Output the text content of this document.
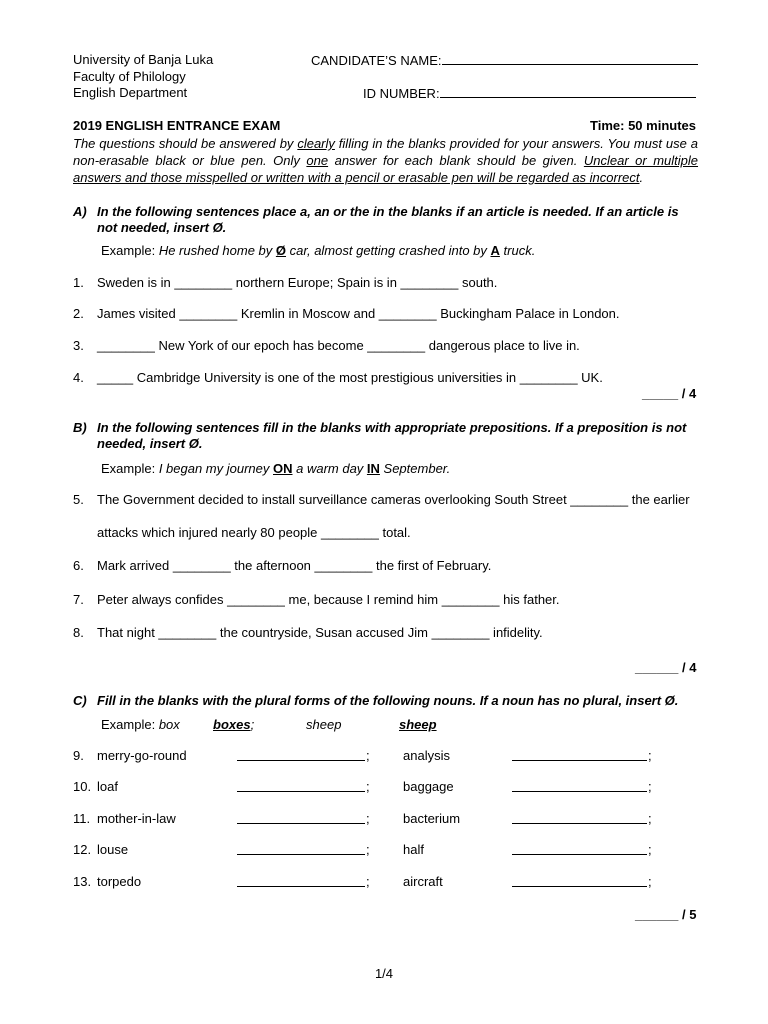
University of Banja Luka
Faculty of Philology
English Department
CANDIDATE’S NAME:
ID NUMBER:
2019 ENGLISH ENTRANCE EXAM	Time: 50 minutes
The questions should be answered by clearly filling in the blanks provided for your answers. You must use a non-erasable black or blue pen. Only one answer for each blank should be given. Unclear or multiple answers and those misspelled or written with a pencil or erasable pen will be regarded as incorrect.
A) In the following sentences place a, an or the in the blanks if an article is needed. If an article is not needed, insert Ø.
Example: He rushed home by Ø car, almost getting crashed into by A truck.
1. Sweden is in ________ northern Europe; Spain is in ________ south.
2. James visited ________ Kremlin in Moscow and ________ Buckingham Palace in London.
3. ________ New York of our epoch has become ________ dangerous place to live in.
4. _____ Cambridge University is one of the most prestigious universities in ________ UK.
_____ / 4
B) In the following sentences fill in the blanks with appropriate prepositions. If a preposition is not needed, insert Ø.
Example: I began my journey ON a warm day IN September.
5. The Government decided to install surveillance cameras overlooking South Street ________ the earlier
attacks which injured nearly 80 people ________ total.
6. Mark arrived ________ the afternoon ________ the first of February.
7. Peter always confides ________ me, because I remind him ________ his father.
8. That night ________ the countryside, Susan accused Jim ________ infidelity.
______ / 4
C) Fill in the blanks with the plural forms of the following nouns. If a noun has no plural, insert Ø.
Example: box	boxes;	sheep	sheep
9. merry-go-round	;	analysis	;
10. loaf	;	baggage	;
11. mother-in-law	;	bacterium	;
12. louse	;	half	;
13. torpedo	;	aircraft	;
______ / 5
1/4
